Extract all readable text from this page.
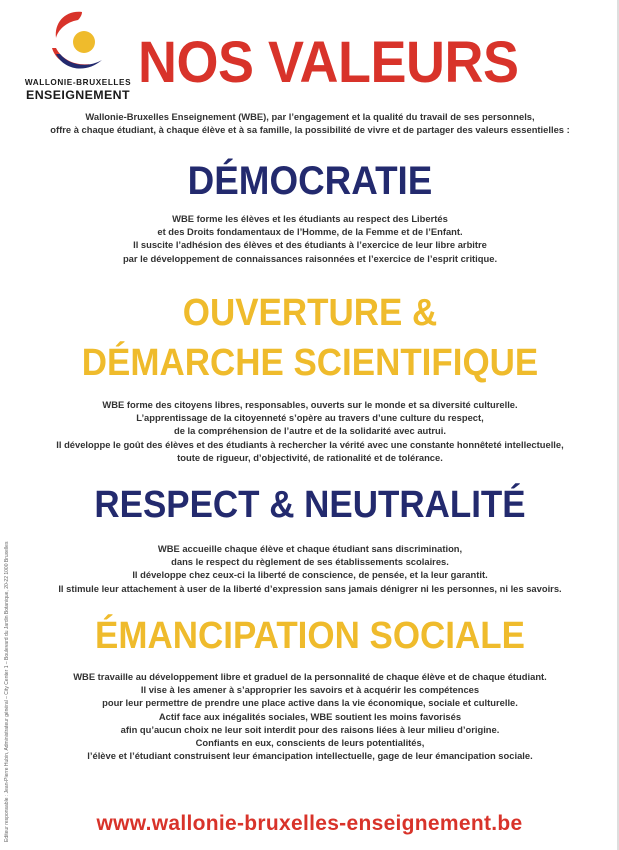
WALLONIE-BRUXELLES
ENSEIGNEMENT NOS VALEURS

Wallonie-Bruxelles Enseignement (WBE), par l’engagement et la qualité du travail de ses personnels,

offre à chaque étudiant, à chaque élève et à sa famille, la possibilité de vivre et de partager des valeurs essentielles :

DÉMOCRATIE

WBE forme les élèves et les étudiants au respect des Libertés

et des Droits fondamentaux de l’Homme, de la Femme et de l’Enfant.

Il suscite l’adhésion des élèves et des étudiants à l’exercice de leur libre arbitre

par le développement de connaissances raisonnées et l’exercice de l’esprit critique.

OUVERTURE &
DÉMARCHE SCIENTIFIQUE

WBE forme des citoyens libres, responsables, ouverts sur le monde et sa diversité culturelle.

L’apprentissage de la citoyenneté s’opère au travers d’une culture du respect,

de la compréhension de l’autre et de la solidarité avec autrui.

Il développe le goût des élèves et des étudiants à rechercher la vérité avec une constante honnêteté intellectuelle,

toute de rigueur, d’objectivité, de rationalité et de tolérance.

RESPECT & NEUTRALITÉ

WBE accueille chaque élève et chaque étudiant sans discrimination,

dans le respect du règlement de ses établissements scolaires.

Il développe chez ceux-ci la liberté de conscience, de pensée, et la leur garantit.

Il stimule leur attachement à user de la liberté d’expression sans jamais dénigrer ni les personnes, ni les savoirs.

ÉMANCIPATION SOCIALE

WBE travaille au développement libre et graduel de la personnalité de chaque élève et de chaque étudiant.

Il vise à les amener à s’approprier les savoirs et à acquérir les compétences

pour leur permettre de prendre une place active dans la vie économique, sociale et culturelle.

Actif face aux inégalités sociales, WBE soutient les moins favorisés

afin qu’aucun choix ne leur soit interdit pour des raisons liées à leur milieu d’origine.

Confiants en eux, conscients de leurs potentialités,

l’élève et l’étudiant construisent leur émancipation intellectuelle, gage de leur émancipation sociale.

Editeur responsable : Jean-Pierre Hubin, Administrateur général – City Center 1 – Boulevard du Jardin Botanique, 20-22 1000 Bruxelles	www.wallonie-bruxelles-enseignement.be
